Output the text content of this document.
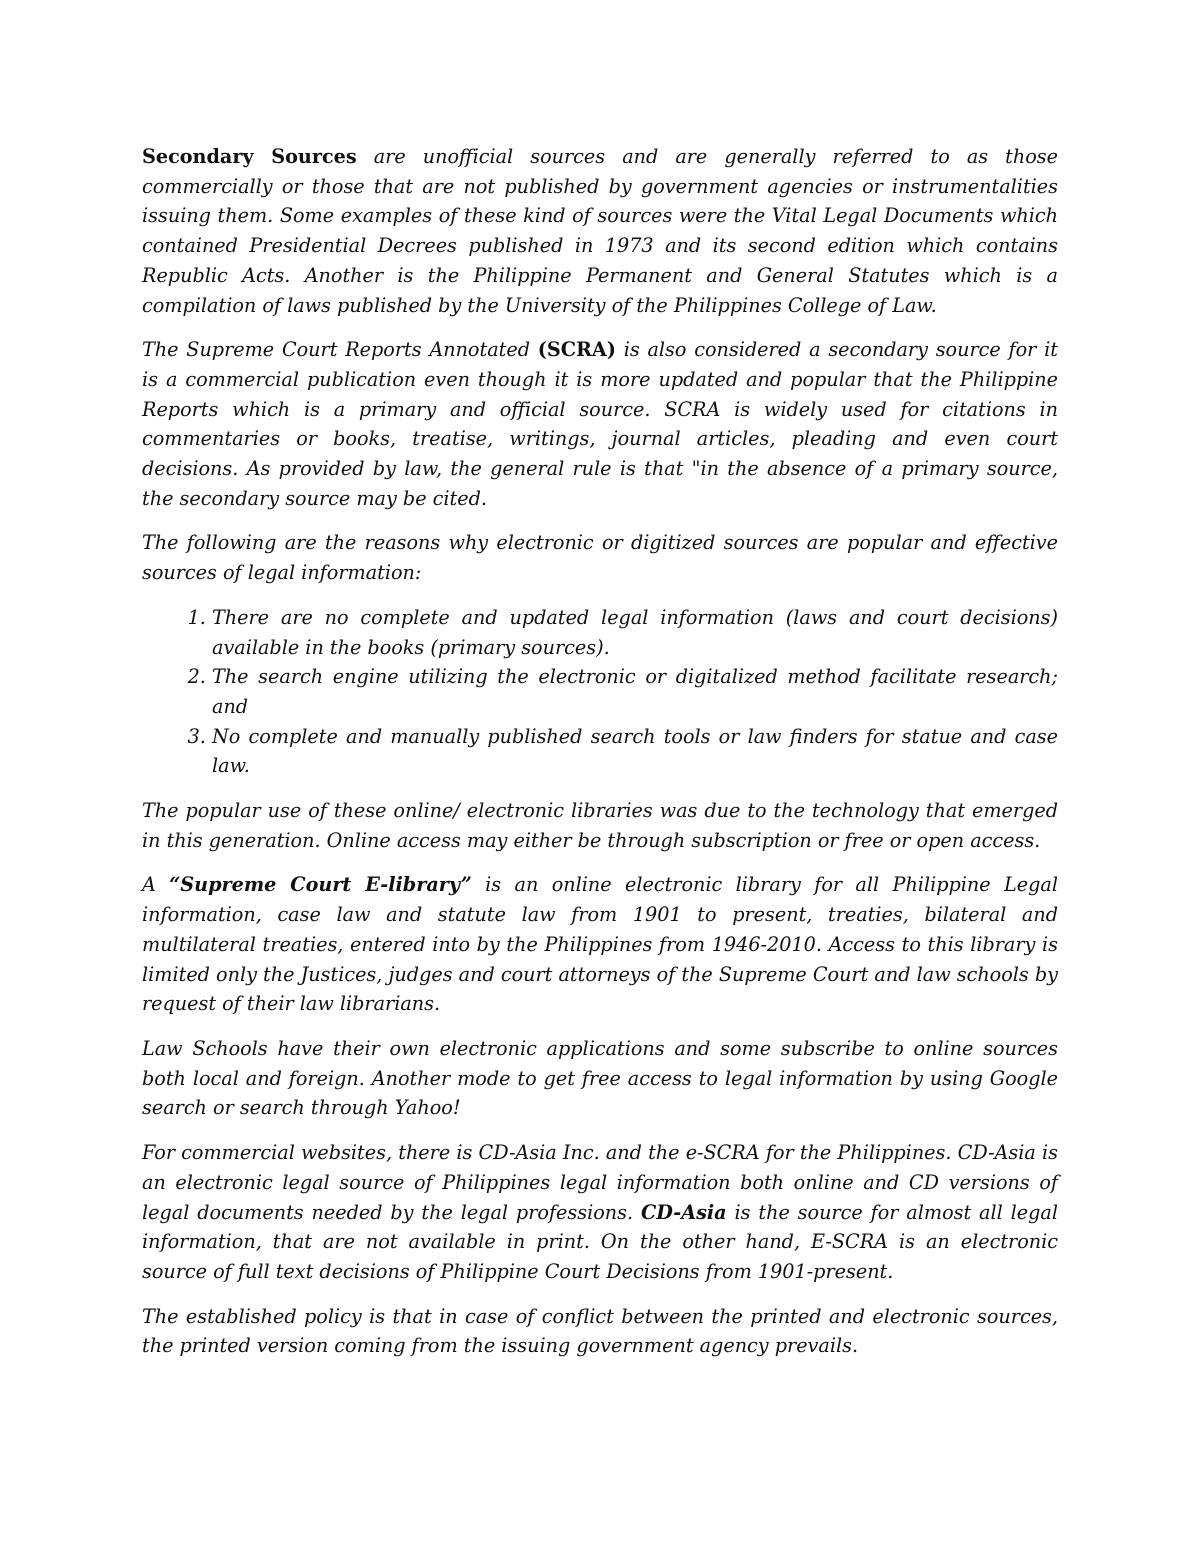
Secondary Sources are unofficial sources and are generally referred to as those commercially or those that are not published by government agencies or instrumentalities issuing them. Some examples of these kind of sources were the Vital Legal Documents which contained Presidential Decrees published in 1973 and its second edition which contains Republic Acts. Another is the Philippine Permanent and General Statutes which is a compilation of laws published by the University of the Philippines College of Law.

The Supreme Court Reports Annotated (SCRA) is also considered a secondary source for it is a commercial publication even though it is more updated and popular that the Philippine Reports which is a primary and official source. SCRA is widely used for citations in commentaries or books, treatise, writings, journal articles, pleading and even court decisions. As provided by law, the general rule is that "in the absence of a primary source, the secondary source may be cited.

The following are the reasons why electronic or digitized sources are popular and effective sources of legal information:

1. There are no complete and updated legal information (laws and court decisions) available in the books (primary sources).
2. The search engine utilizing the electronic or digitalized method facilitate research; and
3. No complete and manually published search tools or law finders for statue and case law.

The popular use of these online/ electronic libraries was due to the technology that emerged in this generation. Online access may either be through subscription or free or open access.

A “Supreme Court E-library” is an online electronic library for all Philippine Legal information, case law and statute law from 1901 to present, treaties, bilateral and multilateral treaties, entered into by the Philippines from 1946-2010. Access to this library is limited only the Justices, judges and court attorneys of the Supreme Court and law schools by request of their law librarians.

Law Schools have their own electronic applications and some subscribe to online sources both local and foreign. Another mode to get free access to legal information by using Google search or search through Yahoo!

For commercial websites, there is CD-Asia Inc. and the e-SCRA for the Philippines. CD-Asia is an electronic legal source of Philippines legal information both online and CD versions of legal documents needed by the legal professions. CD-Asia is the source for almost all legal information, that are not available in print. On the other hand, E-SCRA is an electronic source of full text decisions of Philippine Court Decisions from 1901-present.

The established policy is that in case of conflict between the printed and electronic sources, the printed version coming from the issuing government agency prevails.
